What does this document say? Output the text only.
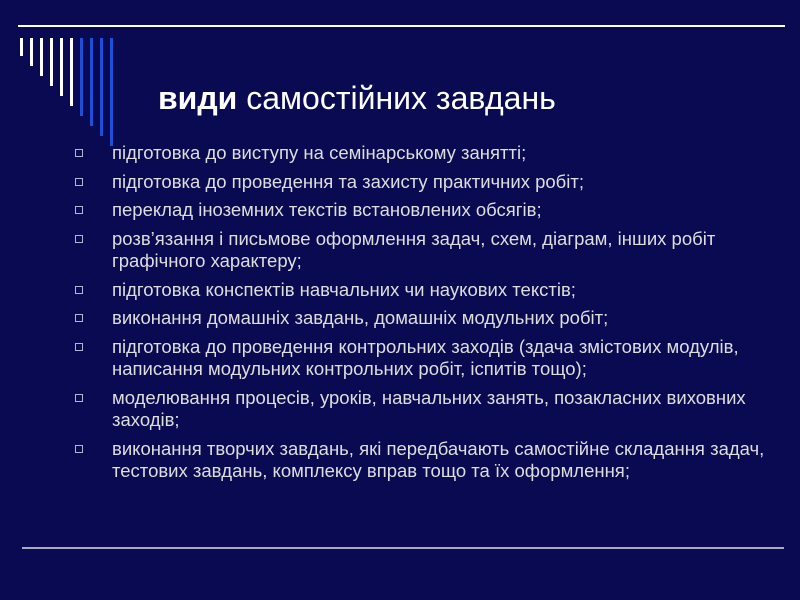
види самостійних завдань
підготовка до виступу на семінарському занятті;
підготовка до проведення та захисту практичних робіт;
переклад іноземних текстів встановлених обсягів;
розв’язання і письмове оформлення задач, схем, діаграм, інших робіт графічного характеру;
підготовка конспектів навчальних чи наукових текстів;
виконання домашніх завдань, домашніх модульних робіт;
підготовка до проведення контрольних заходів (здача змістових модулів, написання модульних контрольних робіт, іспитів тощо);
моделювання процесів, уроків, навчальних занять, позакласних виховних заходів;
виконання творчих завдань, які передбачають самостійне складання задач, тестових завдань, комплексу вправ тощо та їх оформлення;
